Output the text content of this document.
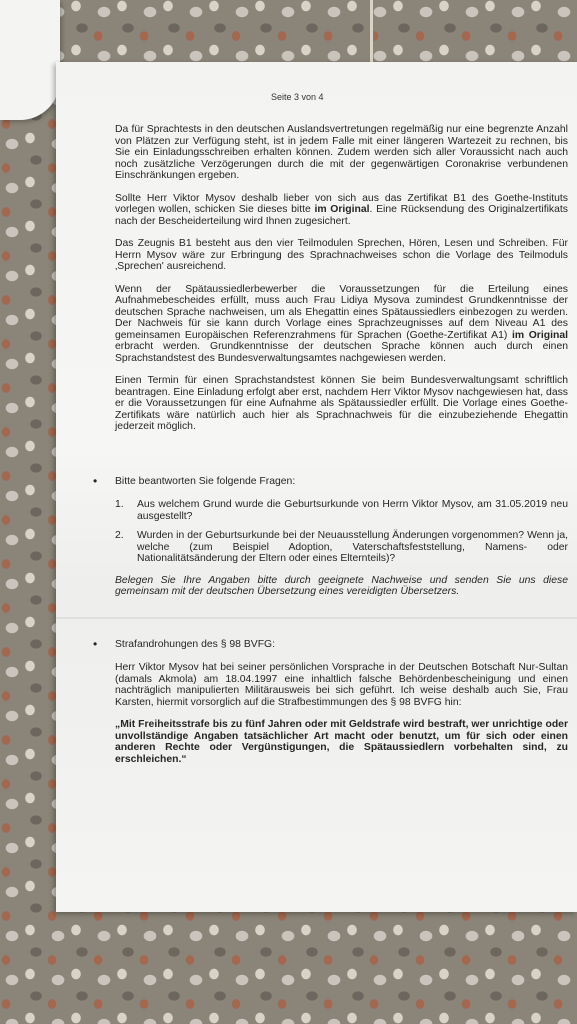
Seite 3 von 4

Da für Sprachtests in den deutschen Auslandsvertretungen regelmäßig nur eine begrenzte Anzahl von Plätzen zur Verfügung steht, ist in jedem Falle mit einer längeren Wartezeit zu rechnen, bis Sie ein Einladungsschreiben erhalten können. Zudem werden sich aller Voraussicht nach auch noch zusätzliche Verzögerungen durch die mit der gegenwärtigen Coronakrise verbundenen Einschränkungen ergeben.

Sollte Herr Viktor Mysov deshalb lieber von sich aus das Zertifikat B1 des Goethe-Instituts vorlegen wollen, schicken Sie dieses bitte im Original. Eine Rücksendung des Originalzertifikats nach der Bescheiderteilung wird Ihnen zugesichert.

Das Zeugnis B1 besteht aus den vier Teilmodulen Sprechen, Hören, Lesen und Schreiben. Für Herrn Mysov wäre zur Erbringung des Sprachnachweises schon die Vorlage des Teilmoduls ‚Sprechen' ausreichend.

Wenn der Spätaussiedlerbewerber die Voraussetzungen für die Erteilung eines Aufnahmebescheides erfüllt, muss auch Frau Lidiya Mysova zumindest Grundkenntnisse der deutschen Sprache nachweisen, um als Ehegattin eines Spätaussiedlers einbezogen zu werden. Der Nachweis für sie kann durch Vorlage eines Sprachzeugnisses auf dem Niveau A1 des gemeinsamen Europäischen Referenzrahmens für Sprachen (Goethe-Zertifikat A1) im Original erbracht werden. Grundkenntnisse der deutschen Sprache können auch durch einen Sprachstandstest des Bundesverwaltungsamtes nachgewiesen werden.

Einen Termin für einen Sprachstandstest können Sie beim Bundesverwaltungsamt schriftlich beantragen. Eine Einladung erfolgt aber erst, nachdem Herr Viktor Mysov nachgewiesen hat, dass er die Voraussetzungen für eine Aufnahme als Spätaussiedler erfüllt. Die Vorlage eines Goethe-Zertifikats wäre natürlich auch hier als Sprachnachweis für die einzubeziehende Ehegattin jederzeit möglich.

• Bitte beantworten Sie folgende Fragen:
1. Aus welchem Grund wurde die Geburtsurkunde von Herrn Viktor Mysov, am 31.05.2019 neu ausgestellt?
2. Wurden in der Geburtsurkunde bei der Neuausstellung Änderungen vorgenommen? Wenn ja, welche (zum Beispiel Adoption, Vaterschaftsfeststellung, Namens- oder Nationalitätsänderung der Eltern oder eines Elternteils)?

Belegen Sie Ihre Angaben bitte durch geeignete Nachweise und senden Sie uns diese gemeinsam mit der deutschen Übersetzung eines vereidigten Übersetzers.

• Strafandrohungen des § 98 BVFG:

Herr Viktor Mysov hat bei seiner persönlichen Vorsprache in der Deutschen Botschaft Nur-Sultan (damals Akmola) am 18.04.1997 eine inhaltlich falsche Behördenbescheinigung und einen nachträglich manipulierten Militärausweis bei sich geführt. Ich weise deshalb auch Sie, Frau Karsten, hiermit vorsorglich auf die Strafbestimmungen des § 98 BVFG hin:

„Mit Freiheitsstrafe bis zu fünf Jahren oder mit Geldstrafe wird bestraft, wer unrichtige oder unvollständige Angaben tatsächlicher Art macht oder benutzt, um für sich oder einen anderen Rechte oder Vergünstigungen, die Spätaussiedlern vorbehalten sind, zu erschleichen.“
